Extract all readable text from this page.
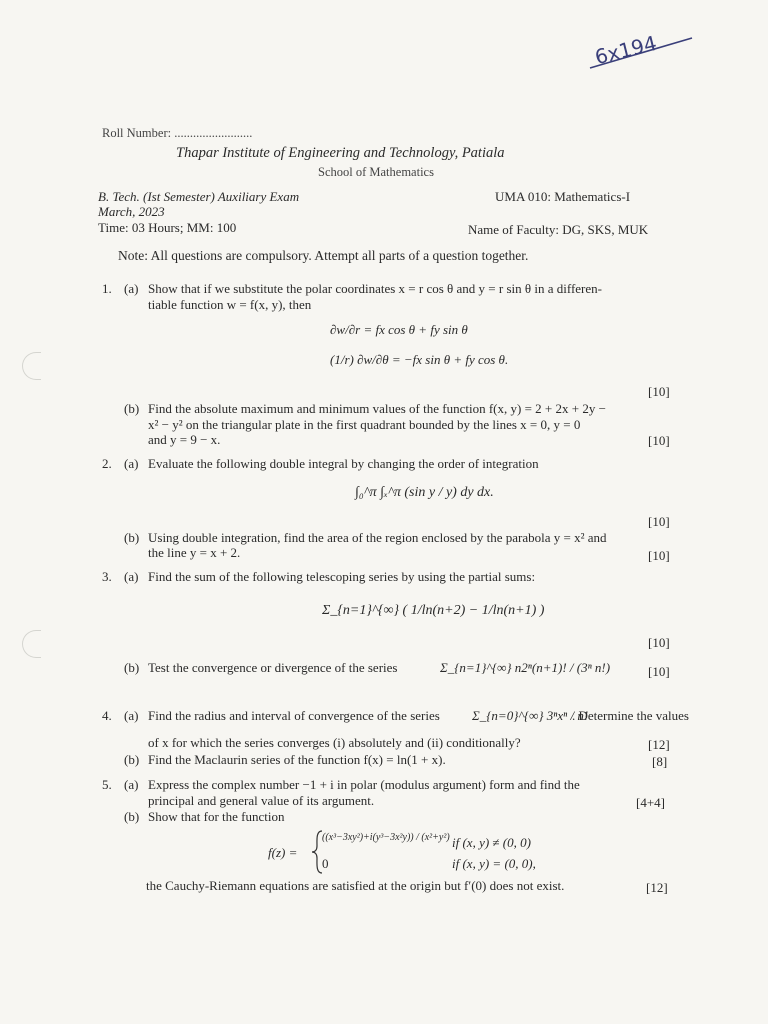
6x194
Roll Number: .........................
Thapar Institute of Engineering and Technology, Patiala
School of Mathematics
B. Tech. (Ist Semester) Auxiliary Exam	UMA 010: Mathematics-I
March, 2023
Time: 03 Hours; MM: 100	Name of Faculty: DG, SKS, MUK
Note: All questions are compulsory. Attempt all parts of a question together.
1. (a) Show that if we substitute the polar coordinates x = r cos θ and y = r sin θ in a differen-
tiable function w = f(x, y), then
∂w/∂r = fx cos θ + fy sin θ
(1/r) ∂w/∂θ = −fx sin θ + fy cos θ.
[10]
(b) Find the absolute maximum and minimum values of the function f(x, y) = 2 + 2x + 2y −
x² − y² on the triangular plate in the first quadrant bounded by the lines x = 0, y = 0
and y = 9 − x.	[10]
2. (a) Evaluate the following double integral by changing the order of integration
∫₀^π ∫ₓ^π (sin y / y) dy dx.
[10]
(b) Using double integration, find the area of the region enclosed by the parabola y = x² and
the line y = x + 2.	[10]
3. (a) Find the sum of the following telescoping series by using the partial sums:
Σ_{n=1}^{∞} ( 1/ln(n+2) − 1/ln(n+1) )
[10]
(b) Test the convergence or divergence of the series	Σ_{n=1}^{∞} n2ⁿ(n+1)! / (3ⁿ n!)	[10]
4. (a) Find the radius and interval of convergence of the series Σ_{n=0}^{∞} 3ⁿxⁿ / n!
. Determine the values
of x for which the series converges (i) absolutely and (ii) conditionally?	[12]
(b) Find the Maclaurin series of the function f(x) = ln(1 + x).	[8]
5. (a) Express the complex number −1 + i in polar (modulus argument) form and find the
principal and general value of its argument.	[4+4]
(b) Show that for the function
f(z) =
((x³−3xy²)+i(y³−3x²y)) / (x²+y²) if (x, y) ≠ (0, 0)
0	if (x, y) = (0, 0),
the Cauchy-Riemann equations are satisfied at the origin but f′(0) does not exist.	[12]
